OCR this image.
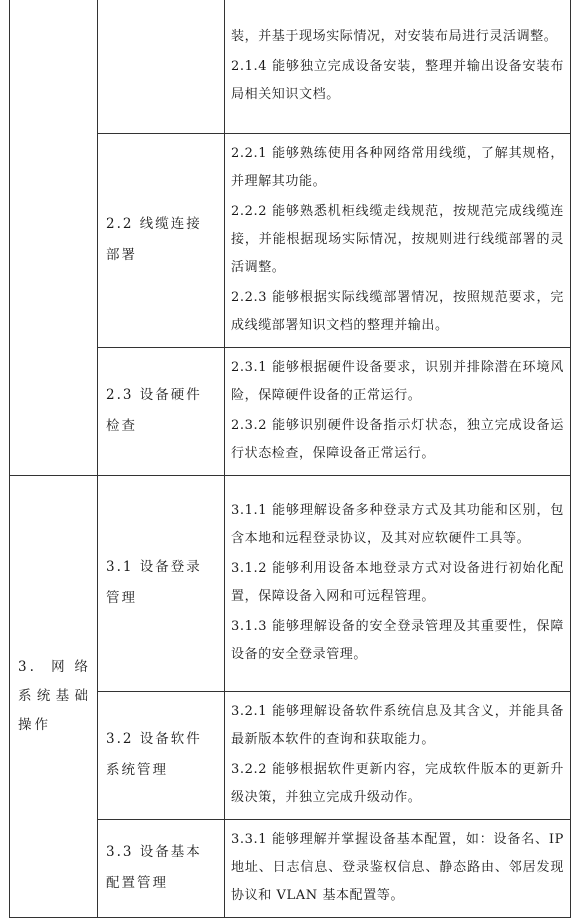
		装，并基于现场实际情况，对安装布局进行灵活调整。

2.1.4 能够独立完成设备安装，整理并输出设备安装布局相关知识文档。

	2.2 线缆连接部署	2.2.1 能够熟练使用各种网络常用线缆，了解其规格，并理解其功能。

2.2.2 能够熟悉机柜线缆走线规范，按规范完成线缆连接，并能根据现场实际情况，按规则进行线缆部署的灵活调整。

2.2.3 能够根据实际线缆部署情况，按照规范要求，完成线缆部署知识文档的整理并输出。

	2.3 设备硬件检查	2.3.1 能够根据硬件设备要求，识别并排除潜在环境风险，保障硬件设备的正常运行。

2.3.2 能够识别硬件设备指示灯状态，独立完成设备运行状态检查，保障设备正常运行。

3. 网络系统基础操作	3.1 设备登录管理	3.1.1 能够理解设备多种登录方式及其功能和区别，包含本地和远程登录协议，及其对应软硬件工具等。

3.1.2 能够利用设备本地登录方式对设备进行初始化配置，保障设备入网和可远程管理。

3.1.3 能够理解设备的安全登录管理及其重要性，保障设备的安全登录管理。

	3.2 设备软件系统管理	3.2.1 能够理解设备软件系统信息及其含义，并能具备最新版本软件的查询和获取能力。

3.2.2 能够根据软件更新内容，完成软件版本的更新升级决策，并独立完成升级动作。

	3.3 设备基本配置管理	3.3.1 能够理解并掌握设备基本配置，如：设备名、IP 地址、日志信息、登录鉴权信息、静态路由、邻居发现协议和 VLAN 基本配置等。
